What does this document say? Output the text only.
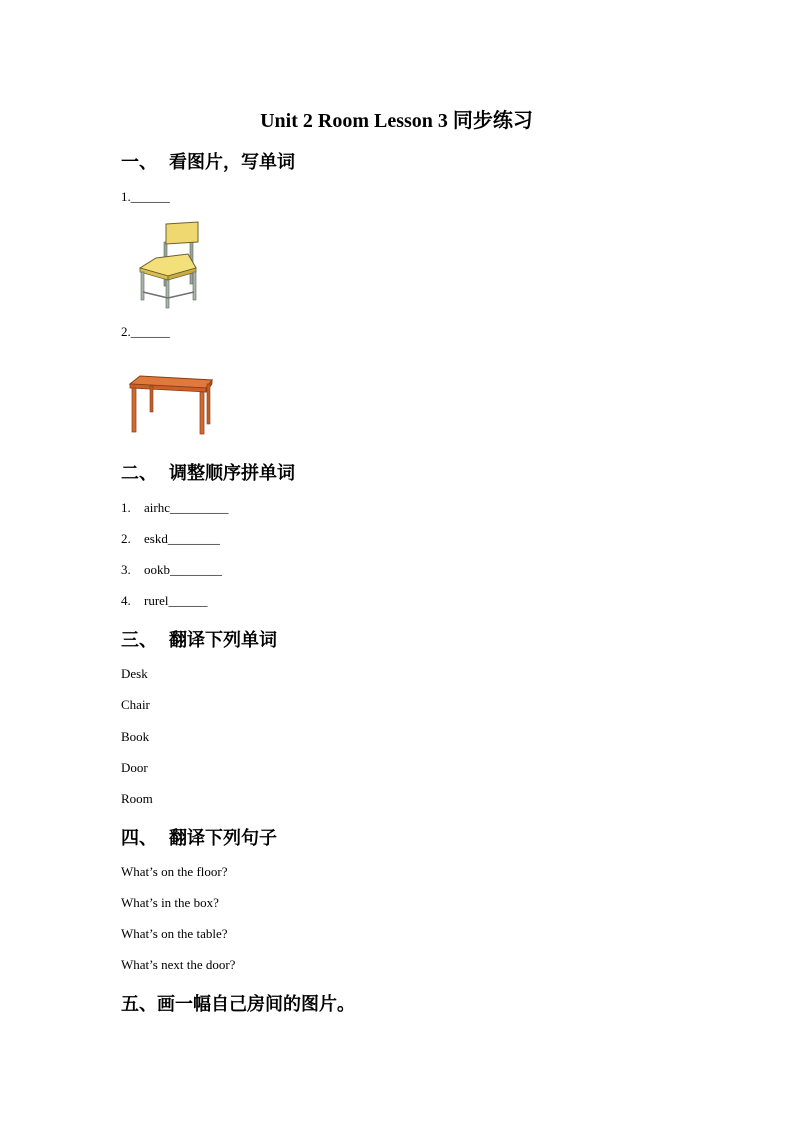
Unit 2 Room Lesson 3 同步练习
一、 看图片，写单词
1.______
2.______
二、 调整顺序拼单词
1. airhc_________
2. eskd________
3. ookb________
4. rurel______
三、 翻译下列单词
Desk
Chair
Book
Door
Room
四、 翻译下列句子
What’s on the floor?
What’s in the box?
What’s on the table?
What’s next the door?
五、画一幅自己房间的图片。
